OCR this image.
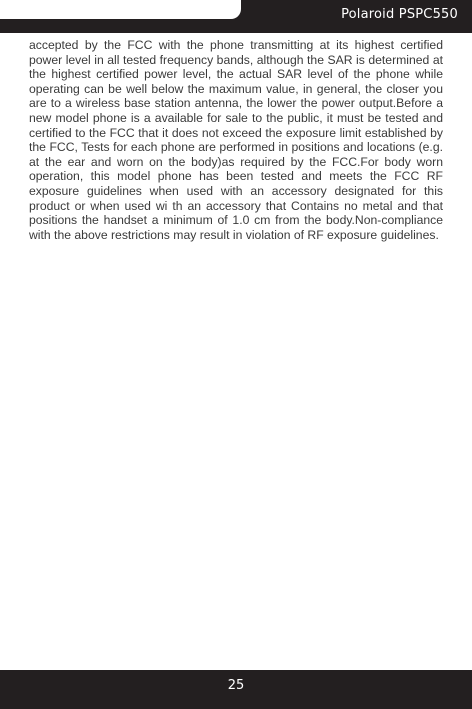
Polaroid PSPC550
accepted by the FCC with the phone transmitting at its highest certified power level in all tested frequency bands, although the SAR is determined at the highest certified power level, the actual SAR level of the phone while operating can be well below the maximum value, in general, the closer you are to a wireless base station antenna, the lower the power output.Before a new model phone is a available for sale to the public, it must be tested and certified to the FCC that it does not exceed the exposure limit established by the FCC, Tests for each phone are performed in positions and locations (e.g. at the ear and worn on the body)as required by the FCC.For body worn operation, this model phone has been tested and meets the FCC RF exposure guidelines when used with an accessory designated for this product or when used wi th an accessory that Contains no metal and that positions the handset a minimum of 1.0 cm from the body.Non-compliance with the above restrictions may result in violation of RF exposure guidelines.
25
